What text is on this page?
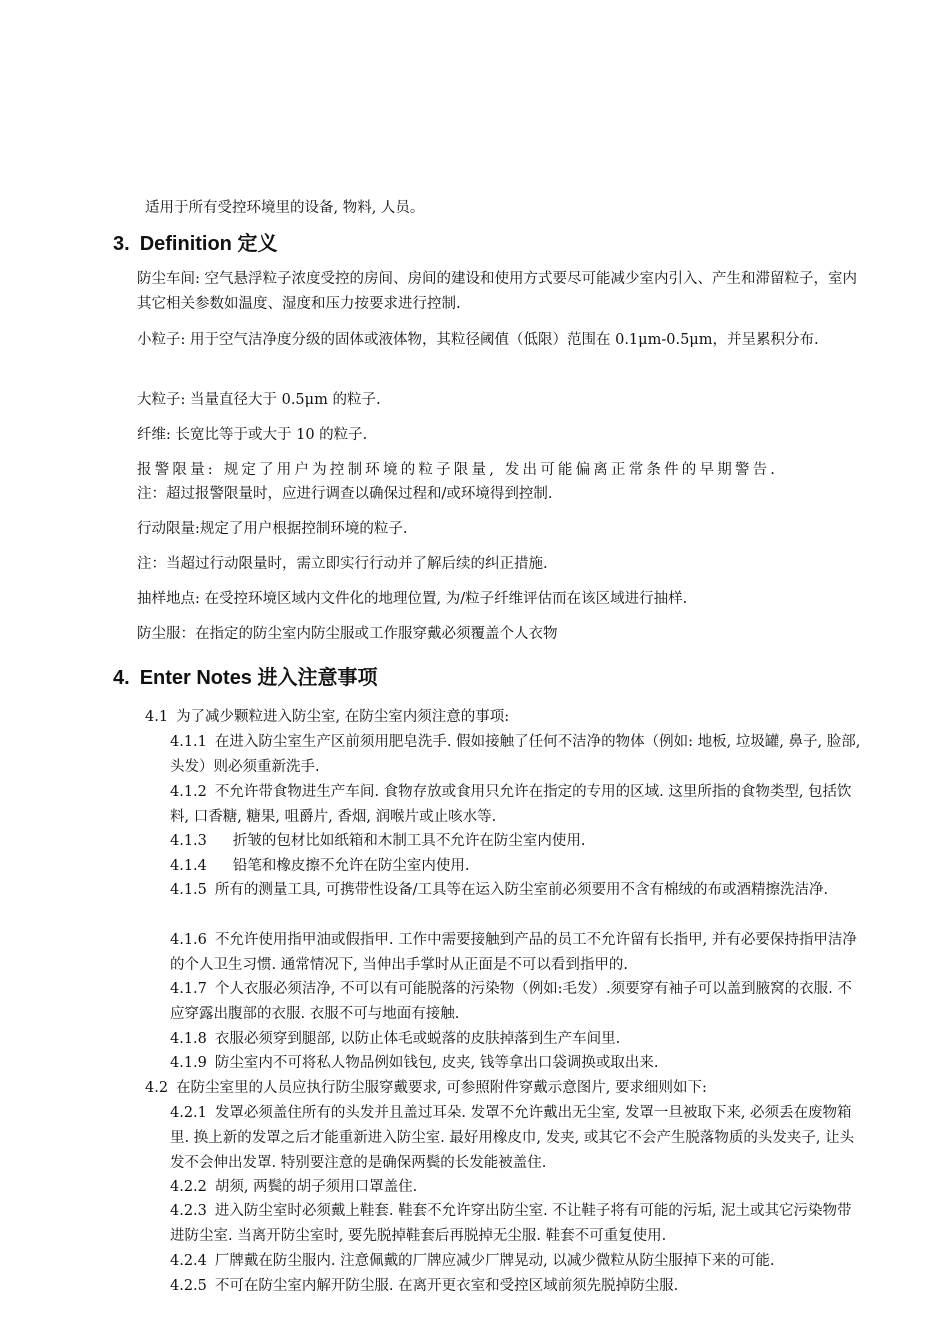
适用于所有受控环境里的设备, 物料, 人员。

3. Definition 定义

防尘车间: 空气悬浮粒子浓度受控的房间、房间的建设和使用方式要尽可能减少室内引入、产生和滞留粒子，室内其它相关参数如温度、湿度和压力按要求进行控制.

小粒子: 用于空气洁净度分级的固体或液体物，其粒径阈值（低限）范围在 0.1μm-0.5μm，并呈累积分布.

大粒子: 当量直径大于 0.5μm 的粒子.

纤维: 长宽比等于或大于 10 的粒子.

报警限量: 规定了用户为控制环境的粒子限量, 发出可能偏离正常条件的早期警告.

注：超过报警限量时，应进行调查以确保过程和/或环境得到控制.

行动限量:规定了用户根据控制环境的粒子.

注：当超过行动限量时，需立即实行行动并了解后续的纠正措施.

抽样地点: 在受控环境区域内文件化的地理位置, 为/粒子纤维评估而在该区域进行抽样.

防尘服：在指定的防尘室内防尘服或工作服穿戴必须覆盖个人衣物

4. Enter Notes 进入注意事项

4.1 为了减少颗粒进入防尘室, 在防尘室内须注意的事项:

4.1.1 在进入防尘室生产区前须用肥皂洗手. 假如接触了任何不洁净的物体（例如: 地板, 垃圾罐, 鼻子, 脸部, 头发）则必须重新洗手.

4.1.2 不允许带食物进生产车间. 食物存放或食用只允许在指定的专用的区域. 这里所指的食物类型, 包括饮料, 口香糖, 糖果, 咀爵片, 香烟, 润喉片或止咳水等.

4.1.3 折皱的包材比如纸箱和木制工具不允许在防尘室内使用.

4.1.4 铅笔和橡皮擦不允许在防尘室内使用.

4.1.5 所有的测量工具, 可携带性设备/工具等在运入防尘室前必须要用不含有棉绒的布或酒精擦洗洁净.

4.1.6 不允许使用指甲油或假指甲. 工作中需要接触到产品的员工不允许留有长指甲, 并有必要保持指甲洁净的个人卫生习惯. 通常情况下, 当伸出手掌时从正面是不可以看到指甲的.

4.1.7 个人衣服必须洁净, 不可以有可能脱落的污染物（例如:毛发）.须要穿有袖子可以盖到腋窝的衣服. 不应穿露出腹部的衣服. 衣服不可与地面有接触.

4.1.8 衣服必须穿到腿部, 以防止体毛或蜕落的皮肤掉落到生产车间里.

4.1.9 防尘室内不可将私人物品例如钱包, 皮夹, 钱等拿出口袋调换或取出来.

4.2 在防尘室里的人员应执行防尘服穿戴要求, 可参照附件穿戴示意图片, 要求细则如下:

4.2.1 发罩必须盖住所有的头发并且盖过耳朵. 发罩不允许戴出无尘室, 发罩一旦被取下来, 必须丢在废物箱里. 换上新的发罩之后才能重新进入防尘室. 最好用橡皮巾, 发夹, 或其它不会产生脱落物质的头发夹子, 让头发不会伸出发罩. 特别要注意的是确保两鬓的长发能被盖住.

4.2.2 胡须, 两鬓的胡子须用口罩盖住.

4.2.3 进入防尘室时必须戴上鞋套. 鞋套不允许穿出防尘室. 不让鞋子将有可能的污垢, 泥土或其它污染物带进防尘室. 当离开防尘室时, 要先脱掉鞋套后再脱掉无尘服. 鞋套不可重复使用.

4.2.4 厂牌戴在防尘服内. 注意佩戴的厂牌应减少厂牌晃动, 以减少微粒从防尘服掉下来的可能.

4.2.5 不可在防尘室内解开防尘服. 在离开更衣室和受控区域前须先脱掉防尘服.
